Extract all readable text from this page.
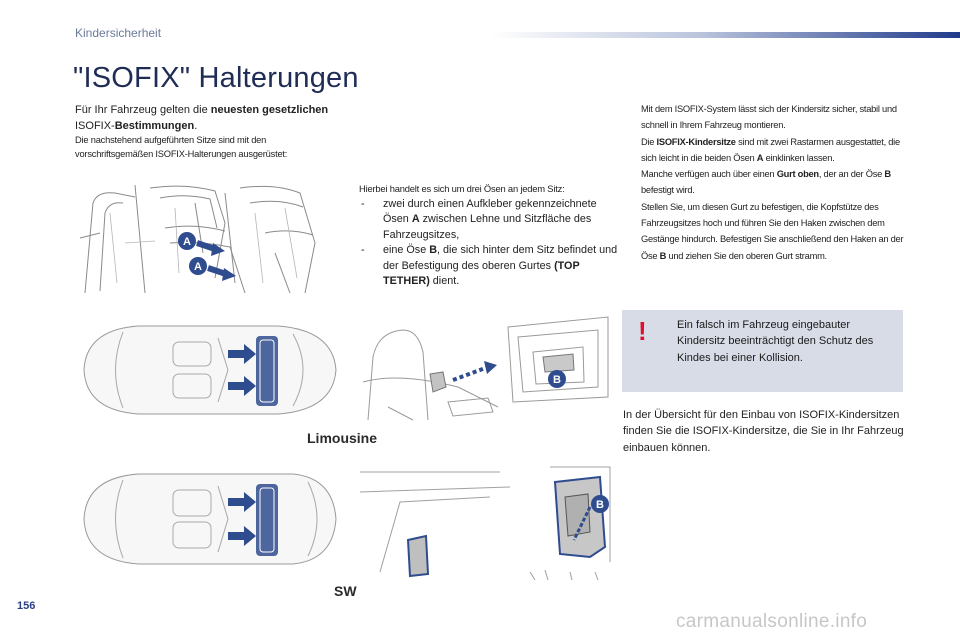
Kindersicherheit
"ISOFIX" Halterungen
Für Ihr Fahrzeug gelten die neuesten gesetzlichen ISOFIX-Bestimmungen.
Die nachstehend aufgeführten Sitze sind mit den vorschriftsgemäßen ISOFIX-Halterungen ausgerüstet:
Hierbei handelt es sich um drei Ösen an jedem Sitz:
- zwei durch einen Aufkleber gekennzeichnete Ösen A zwischen Lehne und Sitzfläche des Fahrzeugsitzes,
- eine Öse B, die sich hinter dem Sitz befindet und der Befestigung des oberen Gurtes (TOP TETHER) dient.
Mit dem ISOFIX-System lässt sich der Kindersitz sicher, stabil und schnell in Ihrem Fahrzeug montieren.
Die ISOFIX-Kindersitze sind mit zwei Rastarmen ausgestattet, die sich leicht in die beiden Ösen A einklinken lassen.
Manche verfügen auch über einen Gurt oben, der an der Öse B befestigt wird.
Stellen Sie, um diesen Gurt zu befestigen, die Kopfstütze des Fahrzeugsitzes hoch und führen Sie den Haken zwischen dem Gestänge hindurch. Befestigen Sie anschließend den Haken an der Öse B und ziehen Sie den oberen Gurt stramm.
!	Ein falsch im Fahrzeug eingebauter Kindersitz beeinträchtigt den Schutz des Kindes bei einer Kollision.
In der Übersicht für den Einbau von ISOFIX-Kindersitzen finden Sie die ISOFIX-Kindersitze, die Sie in Ihr Fahrzeug einbauen können.
A
A
B
Limousine
SW
B
156
carmanualsonline.info
